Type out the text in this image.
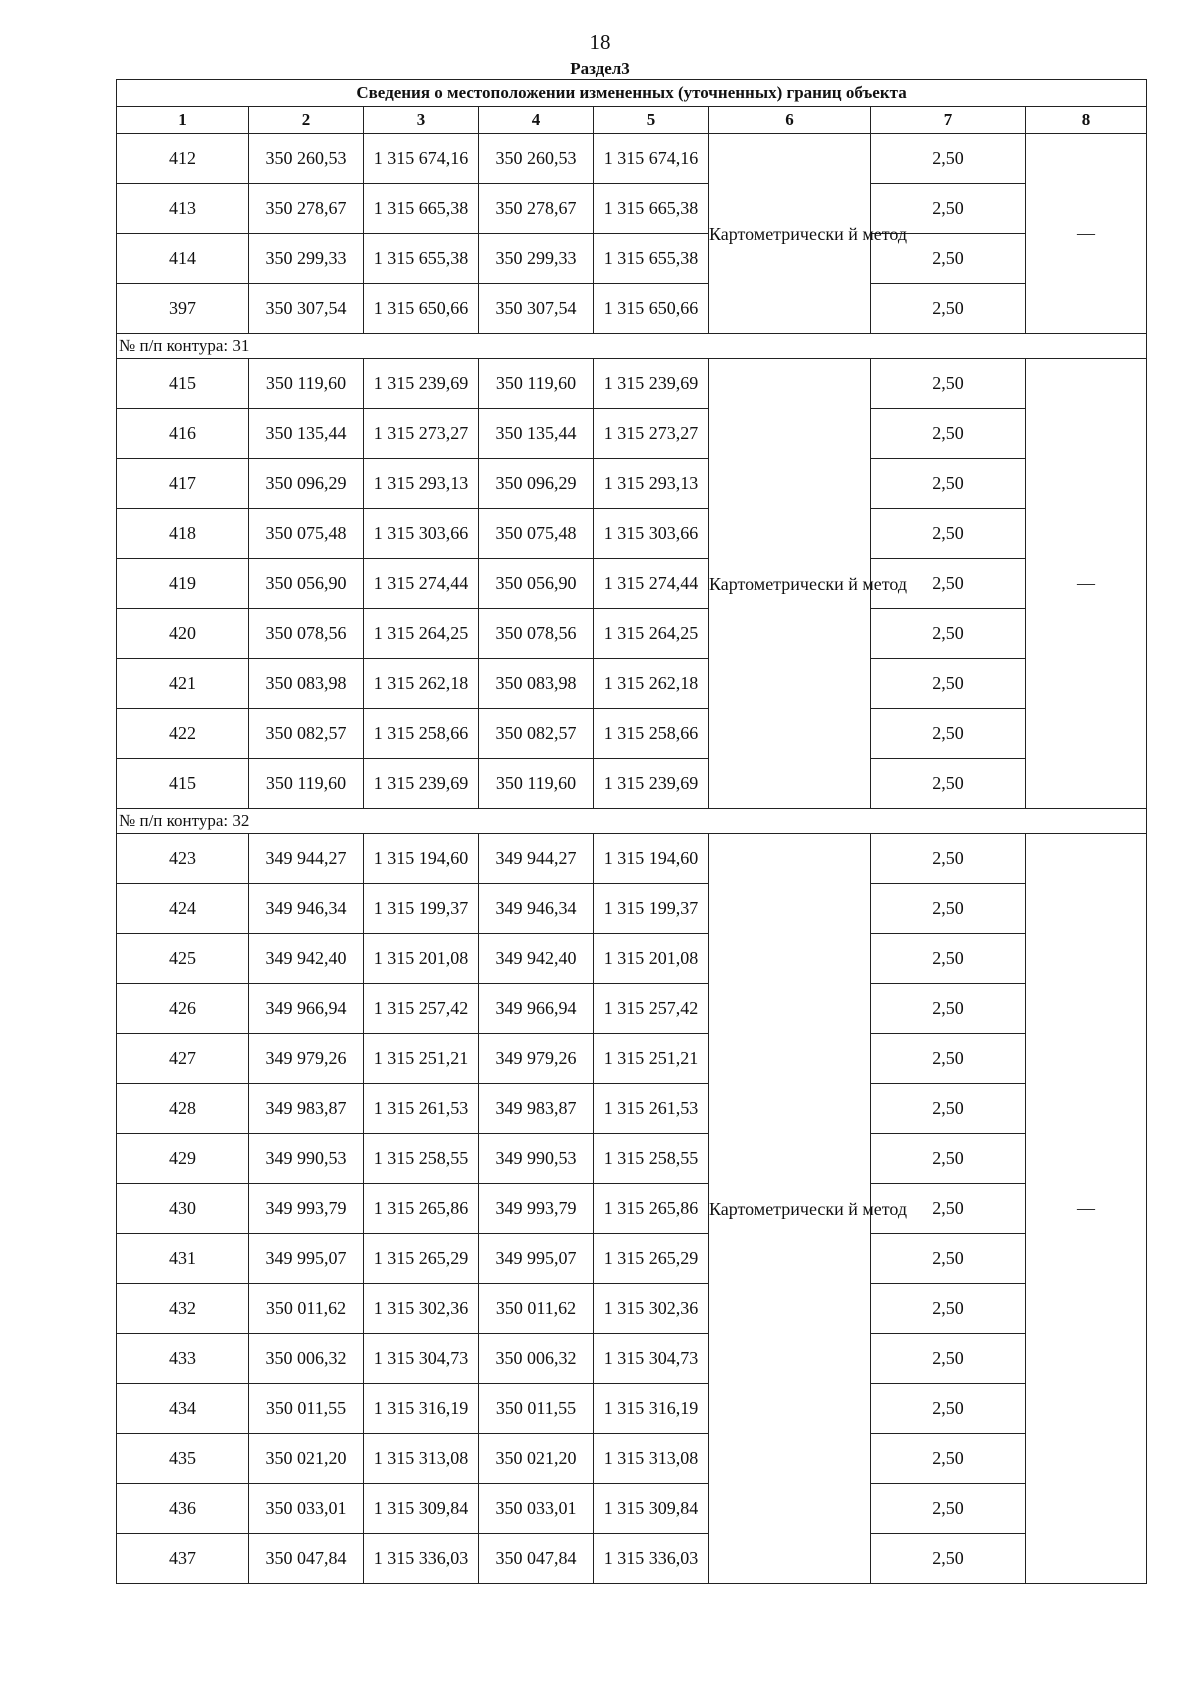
18
Раздел3
Сведения о местоположении измененных (уточненных) границ объекта							
1	2	3	4	5	6	7	8
412	350 260,53	1 315 674,16	350 260,53	1 315 674,16	Картометрически й метод	2,50	—
413	350 278,67	1 315 665,38	350 278,67	1 315 665,38		2,50	
414	350 299,33	1 315 655,38	350 299,33	1 315 655,38		2,50	
397	350 307,54	1 315 650,66	350 307,54	1 315 650,66		2,50	
№ п/п контура: 31							
415	350 119,60	1 315 239,69	350 119,60	1 315 239,69	Картометрически й метод	2,50	—
416	350 135,44	1 315 273,27	350 135,44	1 315 273,27		2,50	
417	350 096,29	1 315 293,13	350 096,29	1 315 293,13		2,50	
418	350 075,48	1 315 303,66	350 075,48	1 315 303,66		2,50	
419	350 056,90	1 315 274,44	350 056,90	1 315 274,44		2,50	
420	350 078,56	1 315 264,25	350 078,56	1 315 264,25		2,50	
421	350 083,98	1 315 262,18	350 083,98	1 315 262,18		2,50	
422	350 082,57	1 315 258,66	350 082,57	1 315 258,66		2,50	
415	350 119,60	1 315 239,69	350 119,60	1 315 239,69		2,50	
№ п/п контура: 32							
423	349 944,27	1 315 194,60	349 944,27	1 315 194,60	Картометрически й метод	2,50	—
424	349 946,34	1 315 199,37	349 946,34	1 315 199,37		2,50	
425	349 942,40	1 315 201,08	349 942,40	1 315 201,08		2,50	
426	349 966,94	1 315 257,42	349 966,94	1 315 257,42		2,50	
427	349 979,26	1 315 251,21	349 979,26	1 315 251,21		2,50	
428	349 983,87	1 315 261,53	349 983,87	1 315 261,53		2,50	
429	349 990,53	1 315 258,55	349 990,53	1 315 258,55		2,50	
430	349 993,79	1 315 265,86	349 993,79	1 315 265,86		2,50	
431	349 995,07	1 315 265,29	349 995,07	1 315 265,29		2,50	
432	350 011,62	1 315 302,36	350 011,62	1 315 302,36		2,50	
433	350 006,32	1 315 304,73	350 006,32	1 315 304,73		2,50	
434	350 011,55	1 315 316,19	350 011,55	1 315 316,19		2,50	
435	350 021,20	1 315 313,08	350 021,20	1 315 313,08		2,50	
436	350 033,01	1 315 309,84	350 033,01	1 315 309,84		2,50	
437	350 047,84	1 315 336,03	350 047,84	1 315 336,03		2,50	
